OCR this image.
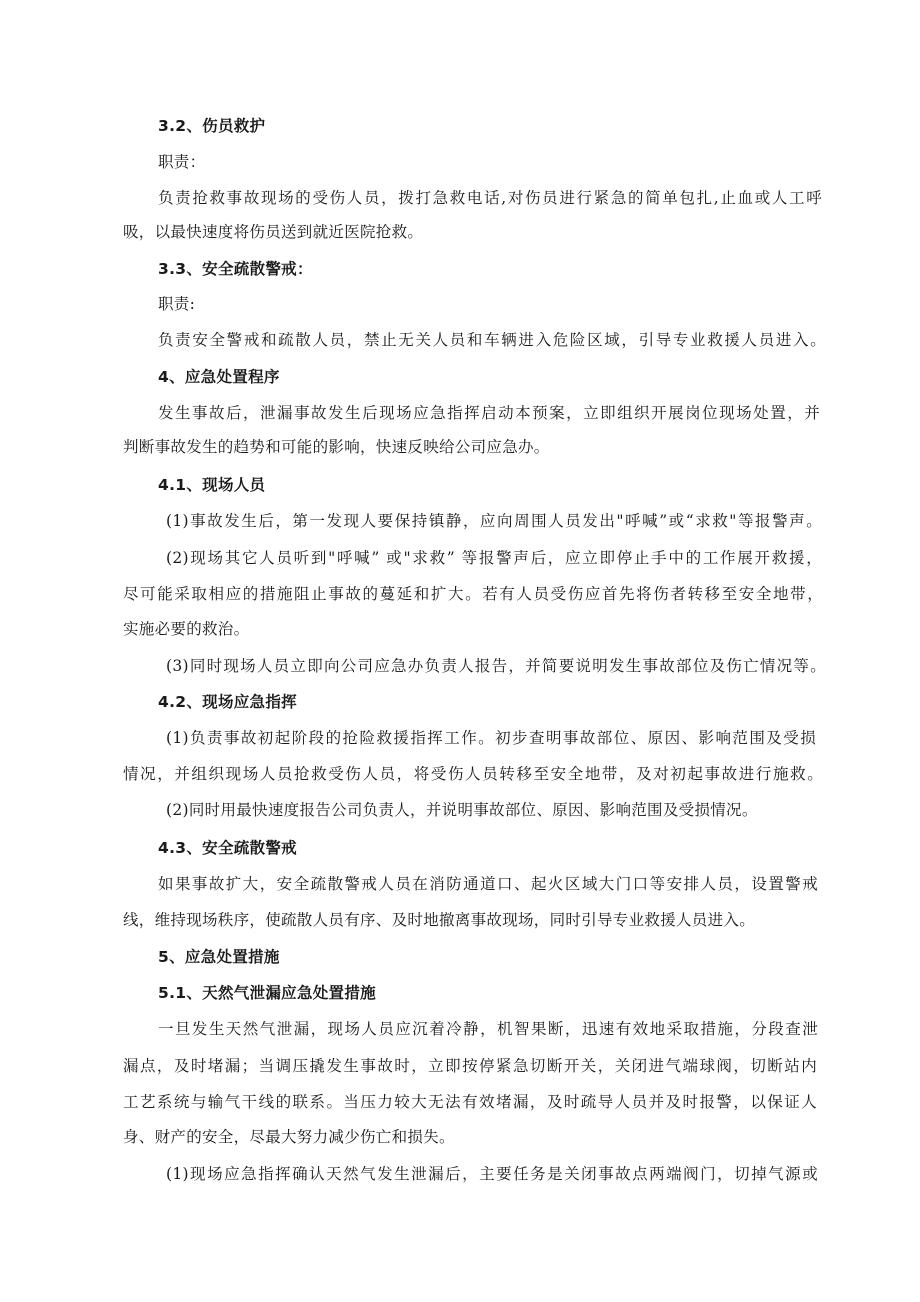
3.2、伤员救护
职责：
负责抢救事故现场的受伤人员，拨打急救电话,对伤员进行紧急的简单包扎,止血或人工呼
吸，以最快速度将伤员送到就近医院抢救。
3.3、安全疏散警戒：
职责:
负责安全警戒和疏散人员，禁止无关人员和车辆进入危险区域，引导专业救援人员进入。
4、应急处置程序
发生事故后，泄漏事故发生后现场应急指挥启动本预案，立即组织开展岗位现场处置，并
判断事故发生的趋势和可能的影响，快速反映给公司应急办。
4.1、现场人员
(1)事故发生后，第一发现人要保持镇静，应向周围人员发出"呼喊”或“求救"等报警声。
(2)现场其它人员听到"呼喊” 或"求救” 等报警声后，应立即停止手中的工作展开救援，
尽可能采取相应的措施阻止事故的蔓延和扩大。若有人员受伤应首先将伤者转移至安全地带，
实施必要的救治。
(3)同时现场人员立即向公司应急办负责人报告，并简要说明发生事故部位及伤亡情况等。
4.2、现场应急指挥
(1)负责事故初起阶段的抢险救援指挥工作。初步查明事故部位、原因、影响范围及受损
情况，并组织现场人员抢救受伤人员，将受伤人员转移至安全地带，及对初起事故进行施救。
(2)同时用最快速度报告公司负责人，并说明事故部位、原因、影响范围及受损情况。
4.3、安全疏散警戒
如果事故扩大，安全疏散警戒人员在消防通道口、起火区域大门口等安排人员，设置警戒
线，维持现场秩序，使疏散人员有序、及时地撤离事故现场，同时引导专业救援人员进入。
5、应急处置措施
5.1、天然气泄漏应急处置措施
一旦发生天然气泄漏，现场人员应沉着冷静，机智果断，迅速有效地采取措施，分段查泄
漏点，及时堵漏；当调压撬发生事故时，立即按停紧急切断开关，关闭进气端球阀，切断站内
工艺系统与输气干线的联系。当压力较大无法有效堵漏，及时疏导人员并及时报警，以保证人
身、财产的安全，尽最大努力减少伤亡和损失。
(1)现场应急指挥确认天然气发生泄漏后，主要任务是关闭事故点两端阀门，切掉气源或
